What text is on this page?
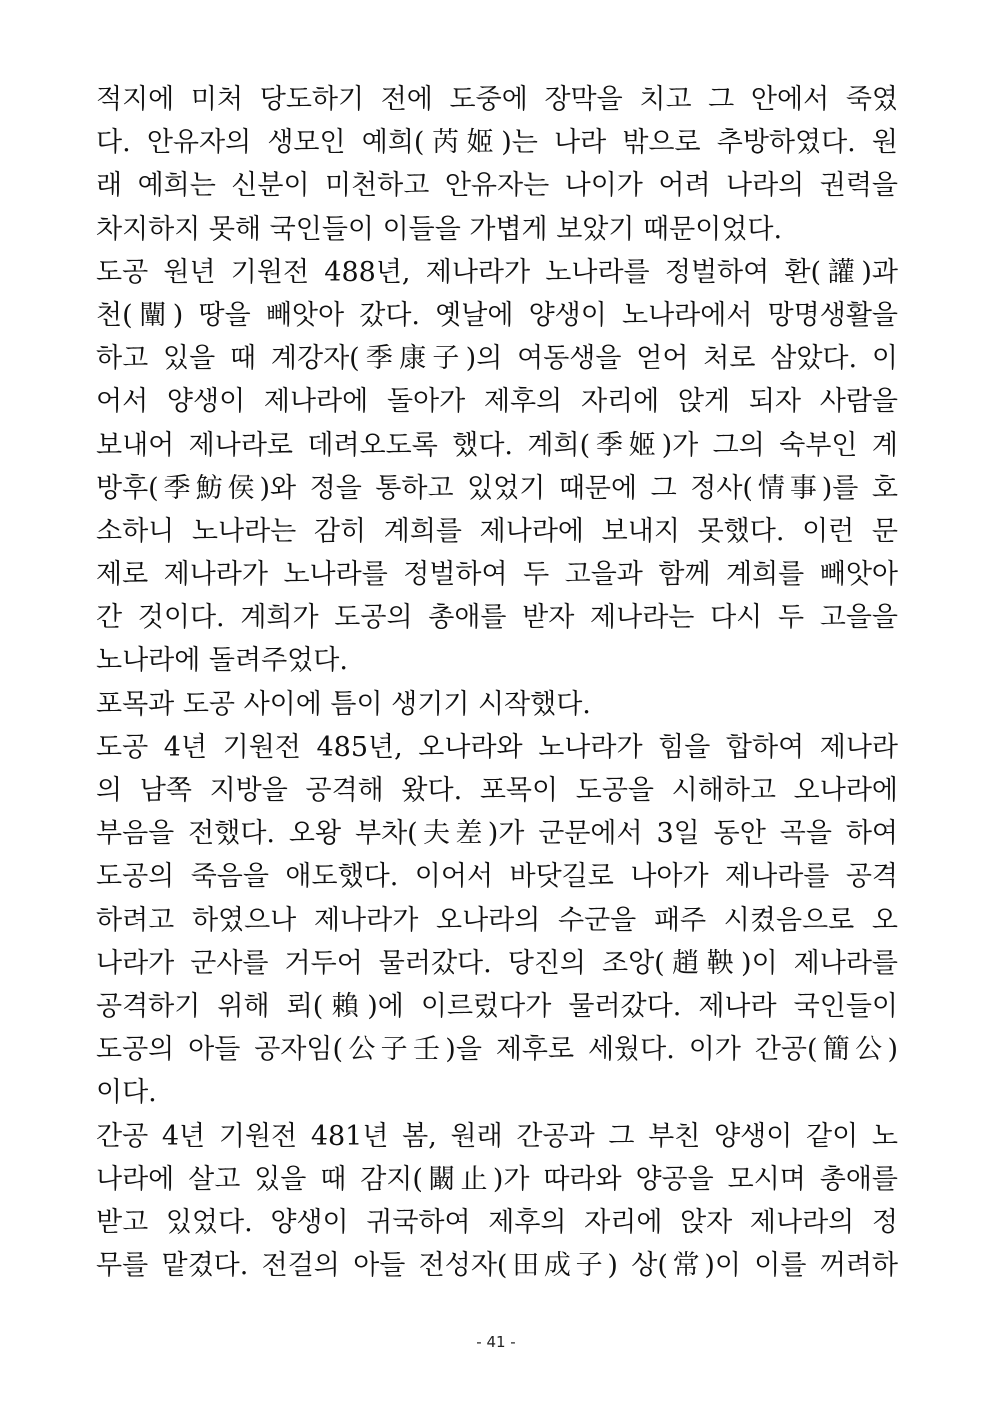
적지에 미처 당도하기 전에 도중에 장막을 치고 그 안에서 죽였
다. 안유자의 생모인 예희(芮姬)는 나라 밖으로 추방하였다. 원
래 예희는 신분이 미천하고 안유자는 나이가 어려 나라의 권력을
차지하지 못해 국인들이 이들을 가볍게 보았기 때문이었다.
도공 원년 기원전 488년, 제나라가 노나라를 정벌하여 환(讙)과
천(闡) 땅을 빼앗아 갔다. 옛날에 양생이 노나라에서 망명생활을
하고 있을 때 계강자(季康子)의 여동생을 얻어 처로 삼았다. 이
어서 양생이 제나라에 돌아가 제후의 자리에 앉게 되자 사람을
보내어 제나라로 데려오도록 했다. 계희(季姬)가 그의 숙부인 계
방후(季魴侯)와 정을 통하고 있었기 때문에 그 정사(情事)를 호
소하니 노나라는 감히 계희를 제나라에 보내지 못했다. 이런 문
제로 제나라가 노나라를 정벌하여 두 고을과 함께 계희를 빼앗아
간 것이다. 계희가 도공의 총애를 받자 제나라는 다시 두 고을을
노나라에 돌려주었다.
포목과 도공 사이에 틈이 생기기 시작했다.
도공 4년 기원전 485년, 오나라와 노나라가 힘을 합하여 제나라
의 남쪽 지방을 공격해 왔다. 포목이 도공을 시해하고 오나라에
부음을 전했다. 오왕 부차(夫差)가 군문에서 3일 동안 곡을 하여
도공의 죽음을 애도했다. 이어서 바닷길로 나아가 제나라를 공격
하려고 하였으나 제나라가 오나라의 수군을 패주 시켰음으로 오
나라가 군사를 거두어 물러갔다. 당진의 조앙(趙鞅)이 제나라를
공격하기 위해 뢰(賴)에 이르렀다가 물러갔다. 제나라 국인들이
도공의 아들 공자임(公子壬)을 제후로 세웠다. 이가 간공(簡公)
이다.
간공 4년 기원전 481년 봄, 원래 간공과 그 부친 양생이 같이 노
나라에 살고 있을 때 감지(闞止)가 따라와 양공을 모시며 총애를
받고 있었다. 양생이 귀국하여 제후의 자리에 앉자 제나라의 정
무를 맡겼다. 전걸의 아들 전성자(田成子) 상(常)이 이를 꺼려하
- 41 -
